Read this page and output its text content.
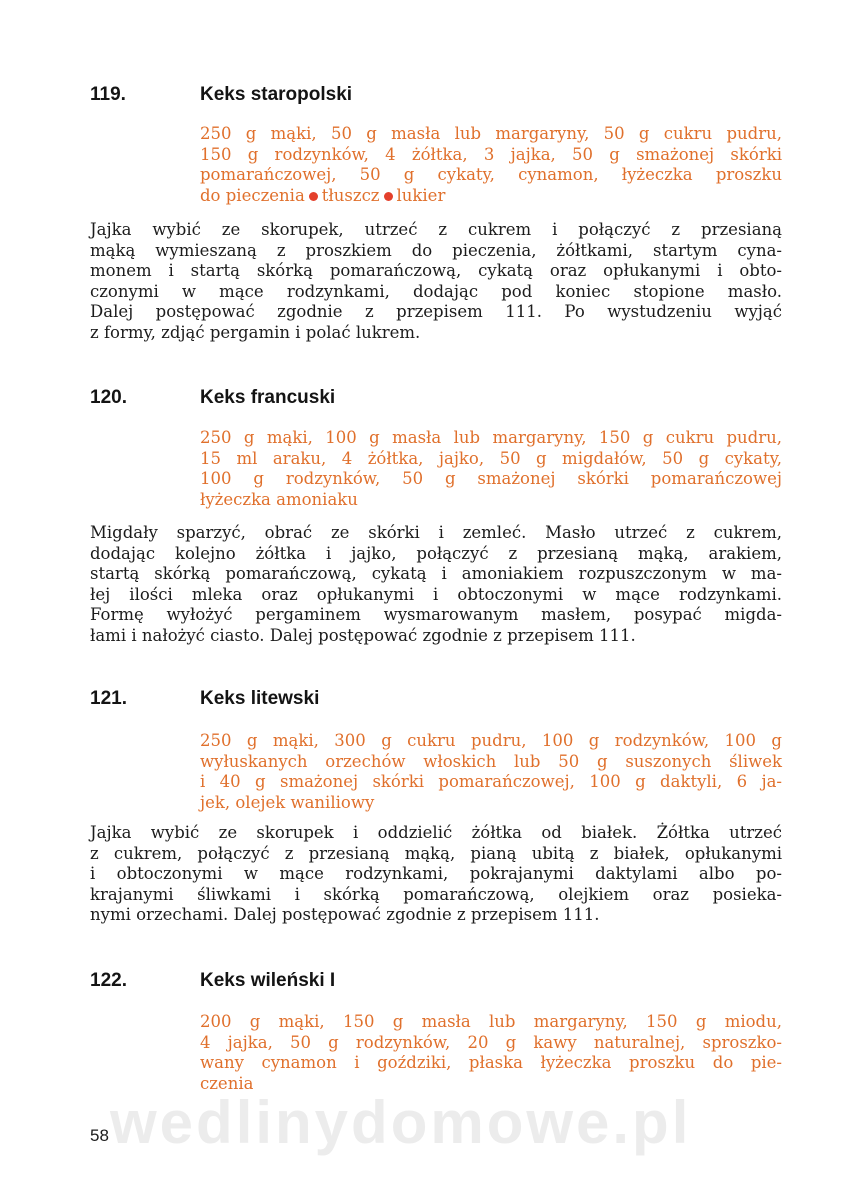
119.	Keks staropolski

250 g mąki, 50 g masła lub margaryny, 50 g cukru pudru,
150 g rodzynków, 4 żółtka, 3 jajka, 50 g smażonej skórki
pomarańczowej, 50 g cykaty, cynamon, łyżeczka proszku
do pieczenia tłuszcz lukier

Jajka wybić ze skorupek, utrzeć z cukrem i połączyć z przesianą
mąką wymieszaną z proszkiem do pieczenia, żółtkami, startym cyna-
monem i startą skórką pomarańczową, cykatą oraz opłukanymi i obto-
czonymi w mące rodzynkami, dodając pod koniec stopione masło.
Dalej postępować zgodnie z przepisem 111. Po wystudzeniu wyjąć
z formy, zdjąć pergamin i polać lukrem.

120.	Keks francuski

250 g mąki, 100 g masła lub margaryny, 150 g cukru pudru,
15 ml araku, 4 żółtka, jajko, 50 g migdałów, 50 g cykaty,
100 g rodzynków, 50 g smażonej skórki pomarańczowej
łyżeczka amoniaku

Migdały sparzyć, obrać ze skórki i zemleć. Masło utrzeć z cukrem,
dodając kolejno żółtka i jajko, połączyć z przesianą mąką, arakiem,
startą skórką pomarańczową, cykatą i amoniakiem rozpuszczonym w ma-
łej ilości mleka oraz opłukanymi i obtoczonymi w mące rodzynkami.
Formę wyłożyć pergaminem wysmarowanym masłem, posypać migda-
łami i nałożyć ciasto. Dalej postępować zgodnie z przepisem 111.

121.	Keks litewski

250 g mąki, 300 g cukru pudru, 100 g rodzynków, 100 g
wyłuskanych orzechów włoskich lub 50 g suszonych śliwek
i 40 g smażonej skórki pomarańczowej, 100 g daktyli, 6 ja-
jek, olejek waniliowy

Jajka wybić ze skorupek i oddzielić żółtka od białek. Żółtka utrzeć
z cukrem, połączyć z przesianą mąką, pianą ubitą z białek, opłukanymi
i obtoczonymi w mące rodzynkami, pokrajanymi daktylami albo po-
krajanymi śliwkami i skórką pomarańczową, olejkiem oraz posieka-
nymi orzechami. Dalej postępować zgodnie z przepisem 111.

122.	Keks wileński I

200 g mąki, 150 g masła lub margaryny, 150 g miodu,
4 jajka, 50 g rodzynków, 20 g kawy naturalnej, sproszko-
wany cynamon i goździki, płaska łyżeczka proszku do pie-
czenia

wedlinydomowe.pl
58
